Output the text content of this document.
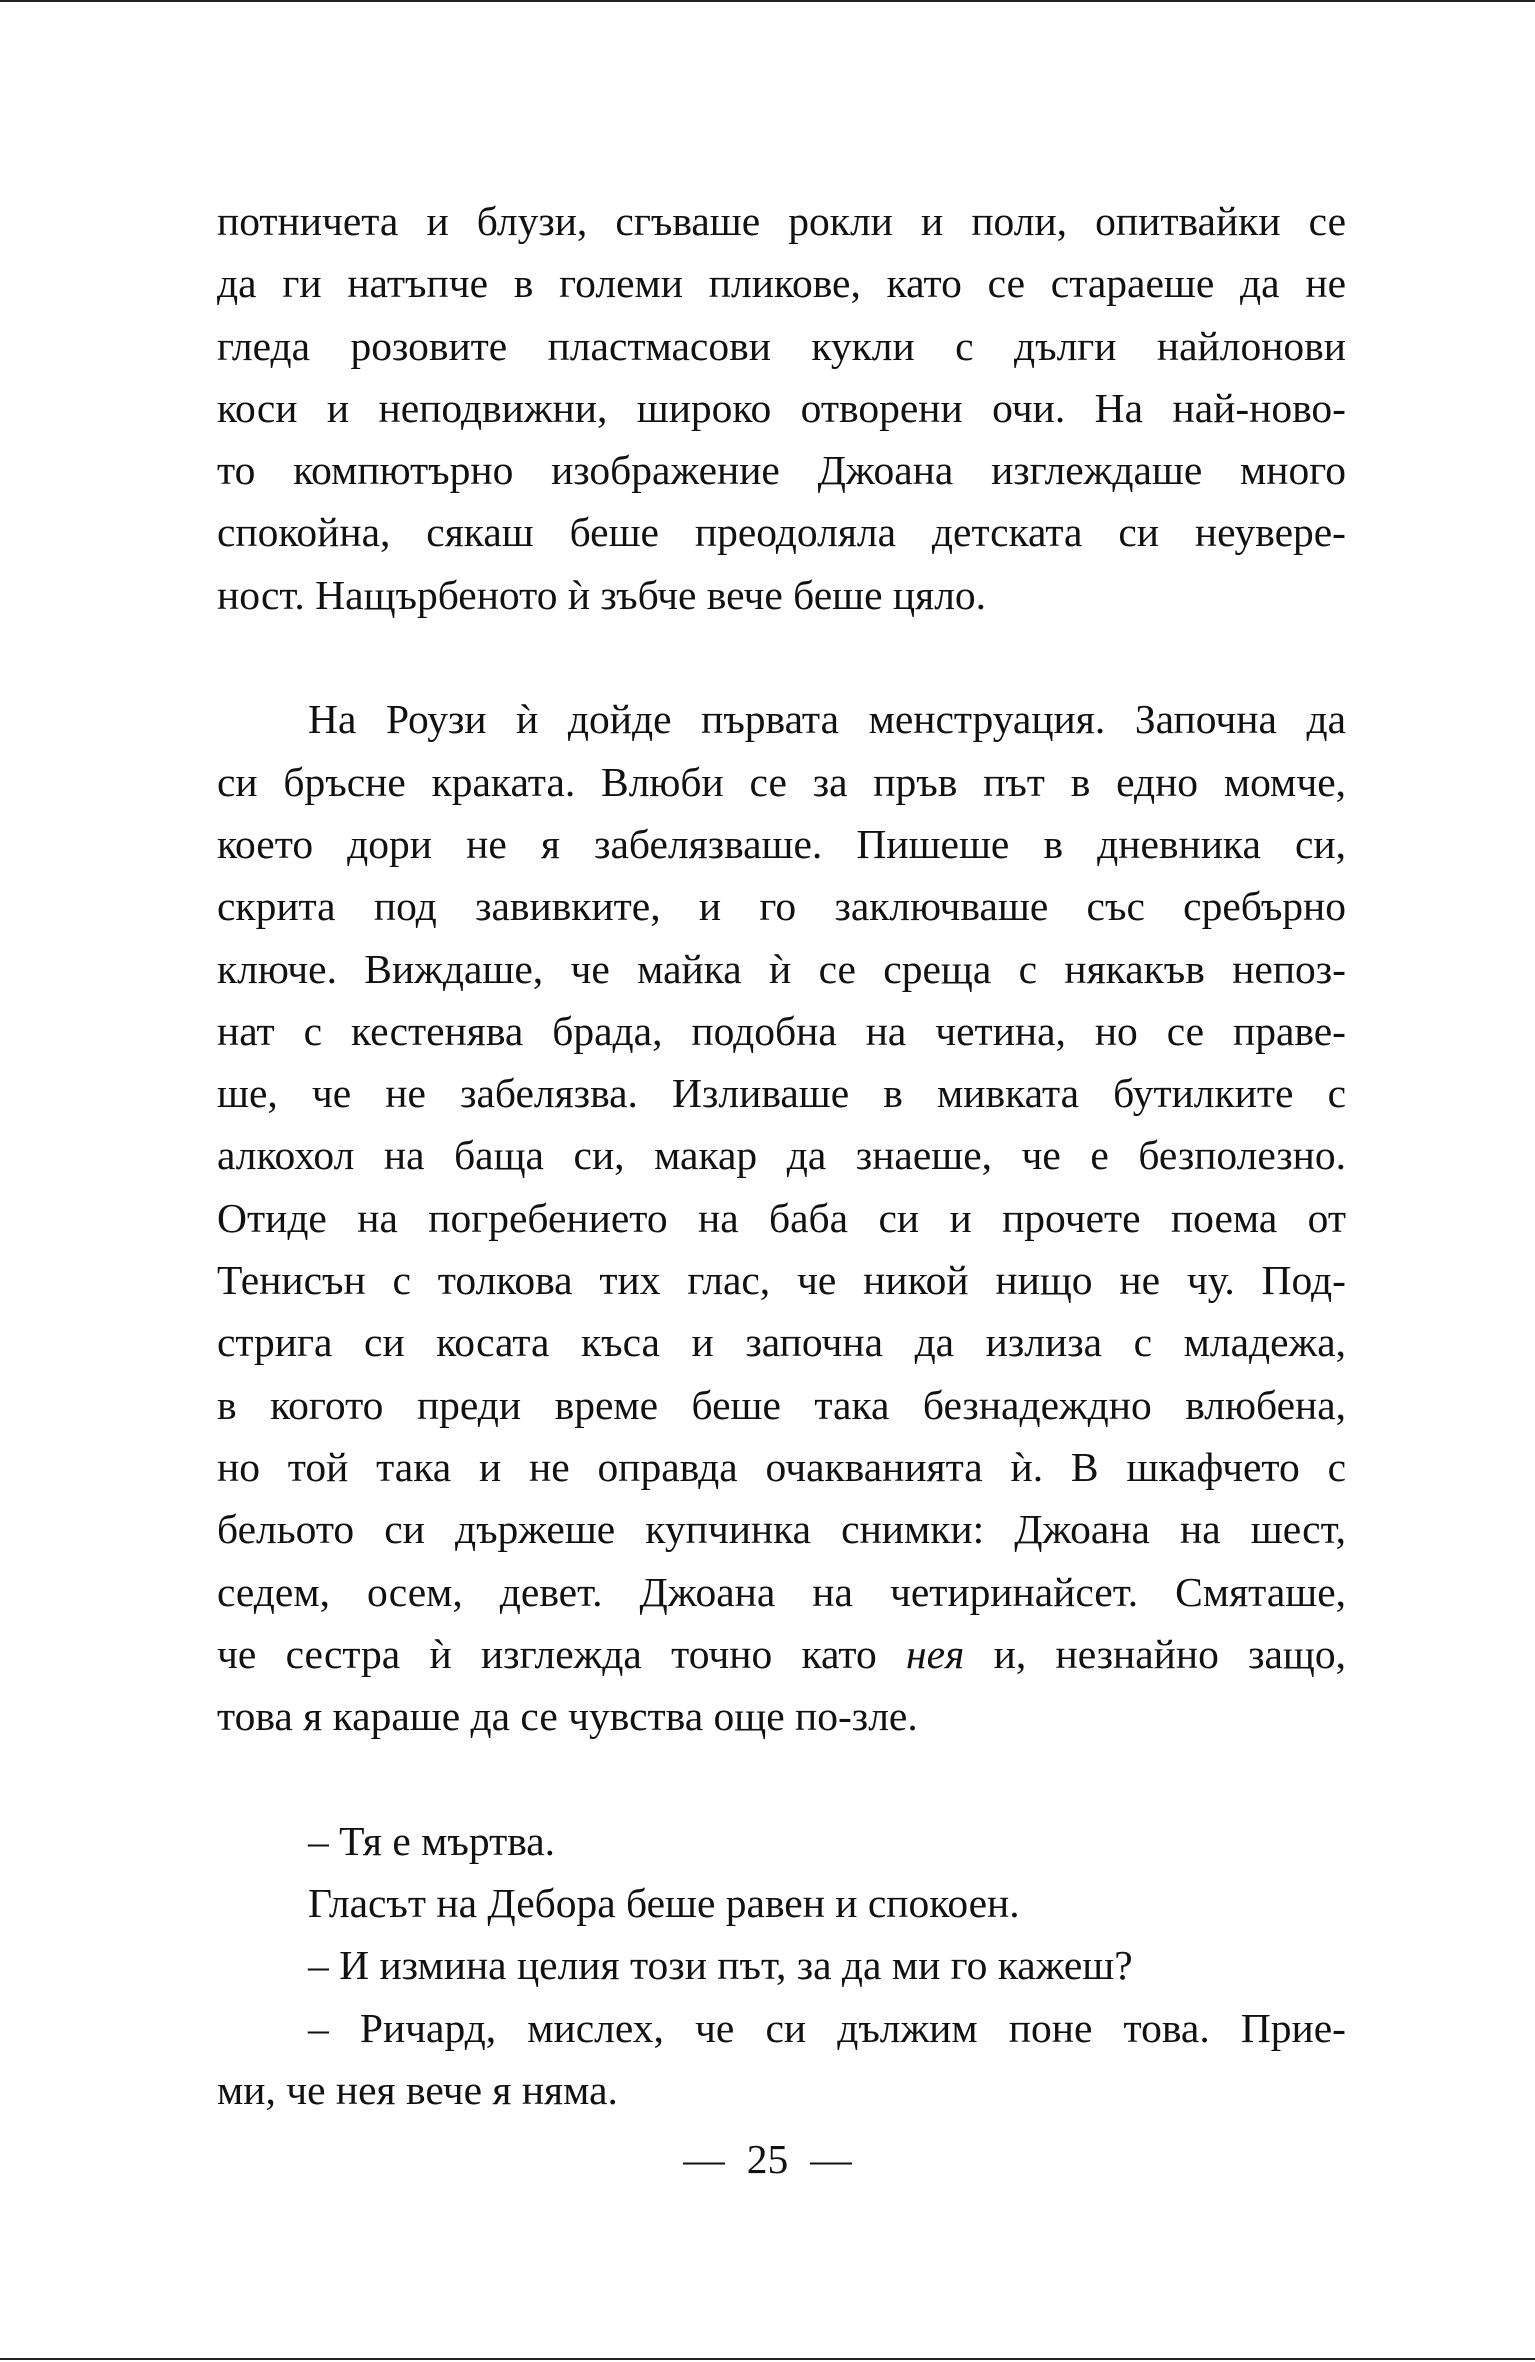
потничета и блузи, сгъваше рокли и поли, опитвайки се
да ги натъпче в големи пликове, като се стараеше да не
гледа розовите пластмасови кукли с дълги найлонови
коси и неподвижни, широко отворени очи. На най-ново-
то компютърно изображение Джоана изглеждаше много
спокойна, сякаш беше преодоляла детската си неувере-
ност. Нащърбеното ѝ зъбче вече беше цяло.
На Роузи ѝ дойде първата менструация. Започна да
си бръсне краката. Влюби се за пръв път в едно момче,
което дори не я забелязваше. Пишеше в дневника си,
скрита под завивките, и го заключваше със сребърно
ключе. Виждаше, че майка ѝ се среща с някакъв непоз-
нат с кестенява брада, подобна на четина, но се праве-
ше, че не забелязва. Изливаше в мивката бутилките с
алкохол на баща си, макар да знаеше, че е безполезно.
Отиде на погребението на баба си и прочете поема от
Тенисън с толкова тих глас, че никой нищо не чу. Под-
стрига си косата къса и започна да излиза с младежа,
в когото преди време беше така безнадеждно влюбена,
но той така и не оправда очакванията ѝ. В шкафчето с
бельото си държеше купчинка снимки: Джоана на шест,
седем, осем, девет. Джоана на четиринайсет. Смяташе,
че сестра ѝ изглежда точно като нея и, незнайно защо,
това я караше да се чувства още по-зле.
– Тя е мъртва.
Гласът на Дебора беше равен и спокоен.
– И измина целия този път, за да ми го кажеш?
– Ричард, мислех, че си дължим поне това. Прие-
ми, че нея вече я няма.
— 25 —
